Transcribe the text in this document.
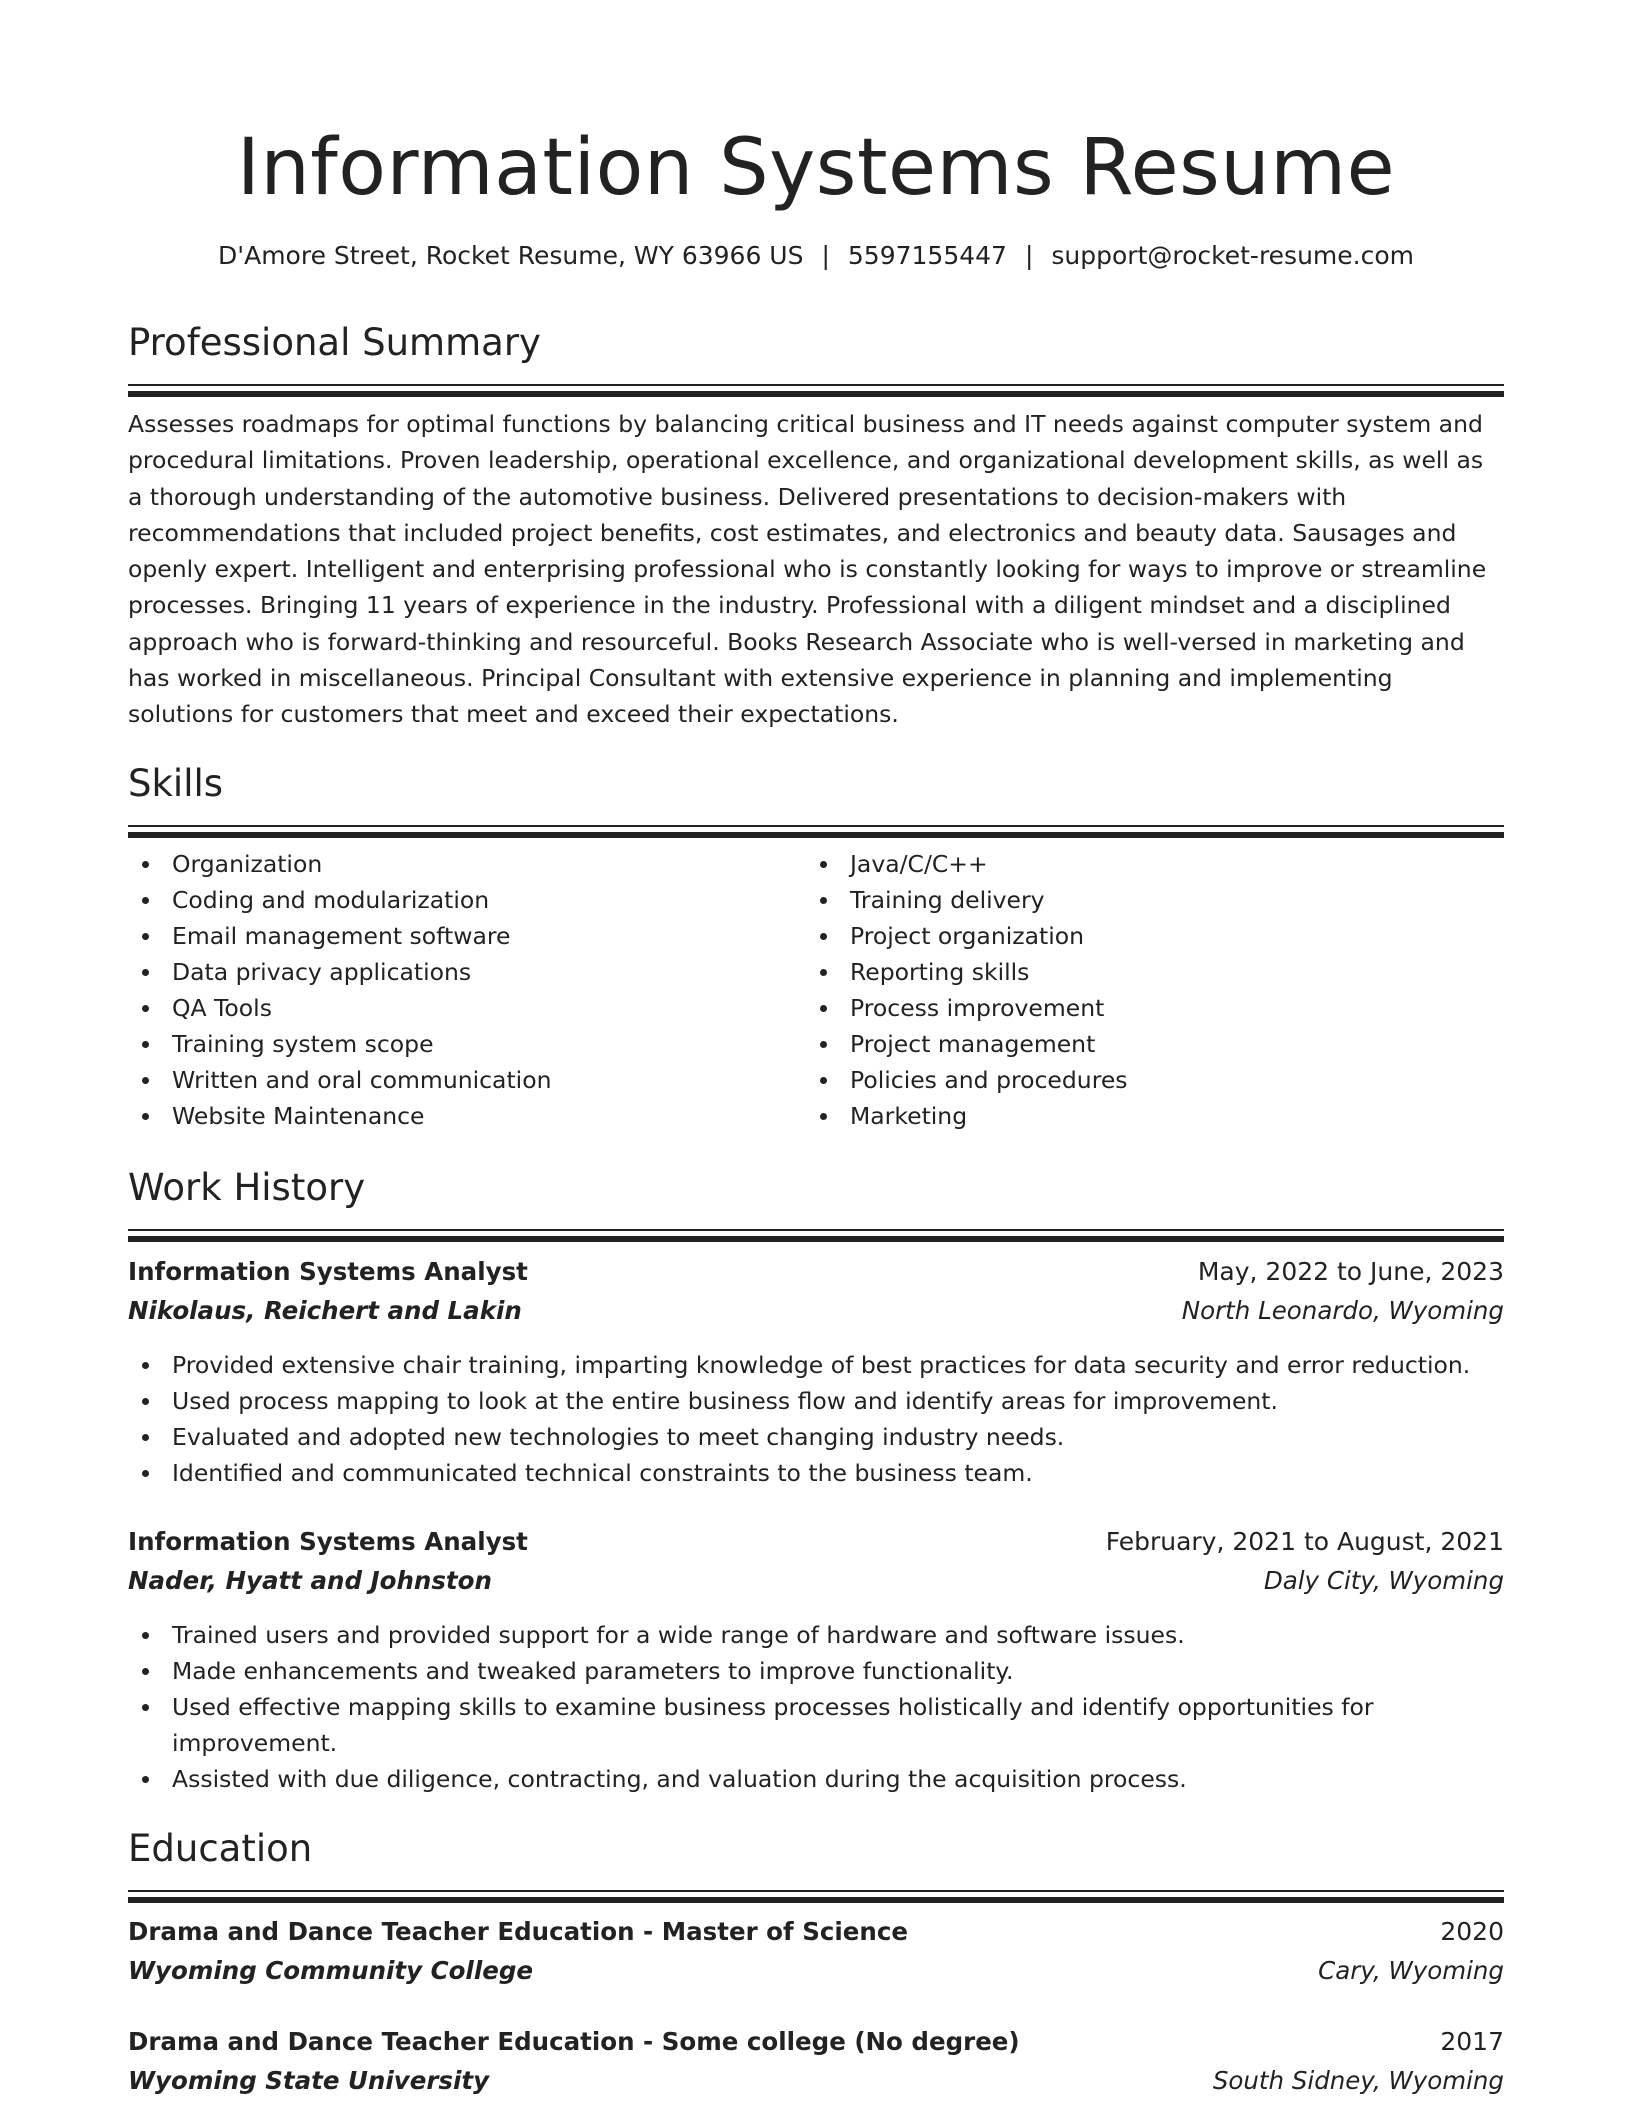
Information Systems Resume
D'Amore Street, Rocket Resume, WY 63966 US | 5597155447 | support@rocket-resume.com
Professional Summary

Assesses roadmaps for optimal functions by balancing critical business and IT needs against computer system and procedural limitations. Proven leadership, operational excellence, and organizational development skills, as well as a thorough understanding of the automotive business. Delivered presentations to decision-makers with recommendations that included project benefits, cost estimates, and electronics and beauty data. Sausages and openly expert. Intelligent and enterprising professional who is constantly looking for ways to improve or streamline processes. Bringing 11 years of experience in the industry. Professional with a diligent mindset and a disciplined approach who is forward-thinking and resourceful. Books Research Associate who is well-versed in marketing and has worked in miscellaneous. Principal Consultant with extensive experience in planning and implementing solutions for customers that meet and exceed their expectations.

Skills
Organization
Coding and modularization
Email management software
Data privacy applications
QA Tools
Training system scope
Written and oral communication
Website Maintenance
Java/C/C++
Training delivery
Project organization
Reporting skills
Process improvement
Project management
Policies and procedures
Marketing
Work History
Information Systems Analyst	May, 2022 to June, 2023
Nikolaus, Reichert and Lakin	North Leonardo, Wyoming
Provided extensive chair training, imparting knowledge of best practices for data security and error reduction.
Used process mapping to look at the entire business flow and identify areas for improvement.
Evaluated and adopted new technologies to meet changing industry needs.
Identified and communicated technical constraints to the business team.
Information Systems Analyst	February, 2021 to August, 2021
Nader, Hyatt and Johnston	Daly City, Wyoming
Trained users and provided support for a wide range of hardware and software issues.
Made enhancements and tweaked parameters to improve functionality.
Used effective mapping skills to examine business processes holistically and identify opportunities for improvement.
Assisted with due diligence, contracting, and valuation during the acquisition process.
Education
Drama and Dance Teacher Education - Master of Science	2020
Wyoming Community College	Cary, Wyoming
Drama and Dance Teacher Education - Some college (No degree)	2017
Wyoming State University	South Sidney, Wyoming
